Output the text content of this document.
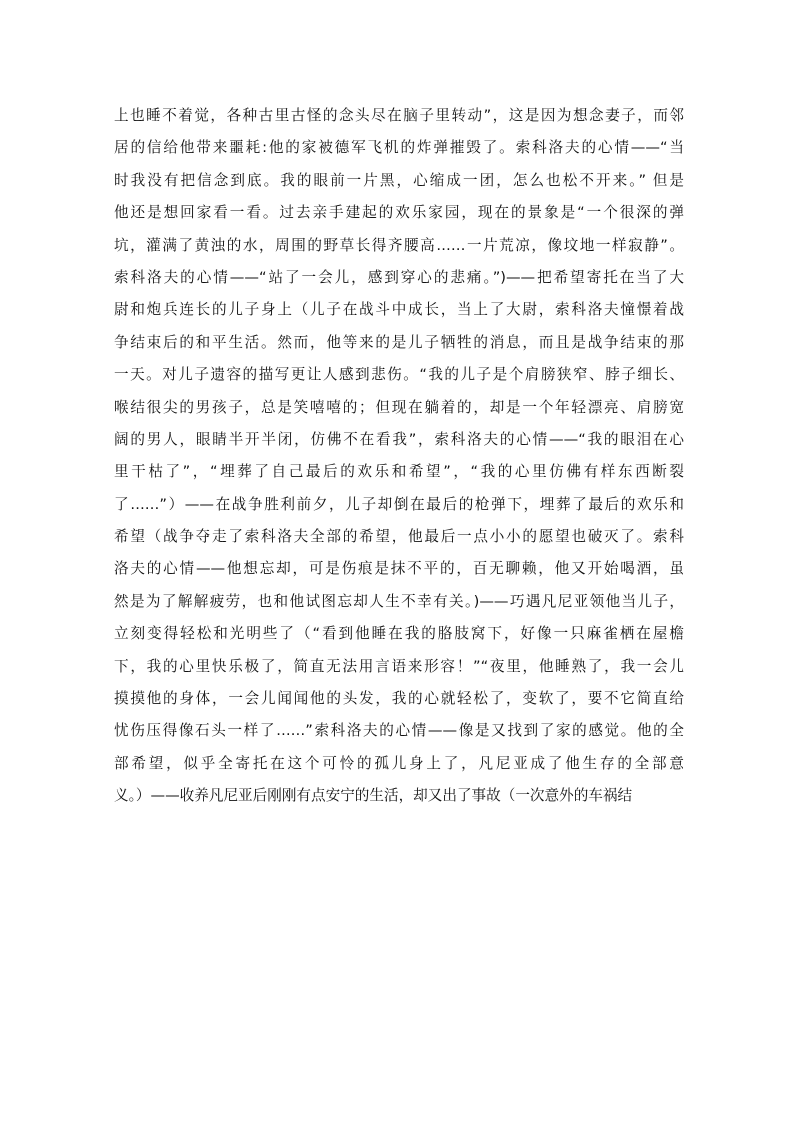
上也睡不着觉，各种古里古怪的念头尽在脑子里转动”，这是因为想念妻子，而邻
居的信给他带来噩耗:他的家被德军飞机的炸弹摧毁了。索科洛夫的心情——“当
时我没有把信念到底。我的眼前一片黑，心缩成一团，怎么也松不开来。” 但是
他还是想回家看一看。过去亲手建起的欢乐家园，现在的景象是“一个很深的弹
坑，灌满了黄浊的水，周围的野草长得齐腰高……一片荒凉，像坟地一样寂静”。
索科洛夫的心情——“站了一会儿，感到穿心的悲痛。”)——把希望寄托在当了大
尉和炮兵连长的儿子身上（儿子在战斗中成长，当上了大尉，索科洛夫憧憬着战
争结束后的和平生活。然而，他等来的是儿子牺牲的消息，而且是战争结束的那
一天。对儿子遗容的描写更让人感到悲伤。“我的儿子是个肩膀狭窄、脖子细长、
喉结很尖的男孩子，总是笑嘻嘻的；但现在躺着的，却是一个年轻漂亮、肩膀宽
阔的男人，眼睛半开半闭，仿佛不在看我”，索科洛夫的心情——“我的眼泪在心
里干枯了”，“埋葬了自己最后的欢乐和希望”，“我的心里仿佛有样东西断裂
了……”）——在战争胜利前夕，儿子却倒在最后的枪弹下，埋葬了最后的欢乐和
希望（战争夺走了索科洛夫全部的希望，他最后一点小小的愿望也破灭了。索科
洛夫的心情——他想忘却，可是伤痕是抹不平的，百无聊赖，他又开始喝酒，虽
然是为了解解疲劳，也和他试图忘却人生不幸有关。)——巧遇凡尼亚领他当儿子，
立刻变得轻松和光明些了（“看到他睡在我的胳肢窝下，好像一只麻雀栖在屋檐
下，我的心里快乐极了，简直无法用言语来形容！”“夜里，他睡熟了，我一会儿
摸摸他的身体，一会儿闻闻他的头发，我的心就轻松了，变软了，要不它简直给
忧伤压得像石头一样了……”索科洛夫的心情——像是又找到了家的感觉。他的全
部希望，似乎全寄托在这个可怜的孤儿身上了，凡尼亚成了他生存的全部意
义。）——收养凡尼亚后刚刚有点安宁的生活，却又出了事故（一次意外的车祸结
